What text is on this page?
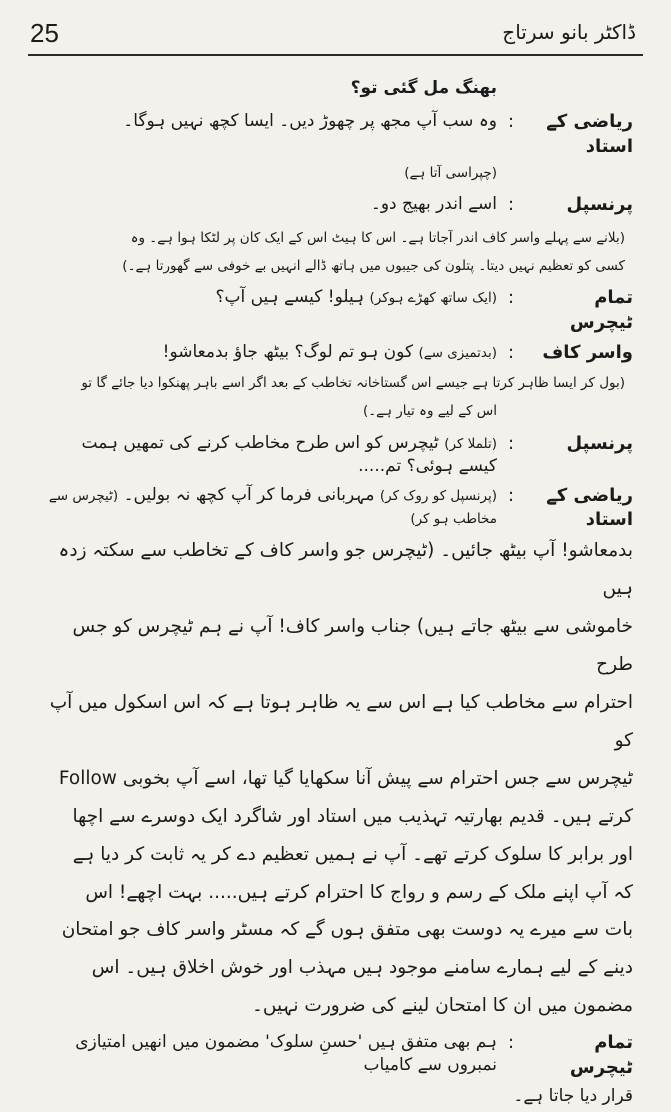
25	ڈاکٹر بانو سرتاج
بھنگ مل گئی تو؟
ریاضی کے استاد
:
وہ سب آپ مجھ پر چھوڑ دیں۔ ایسا کچھ نہیں ہوگا۔
(چپراسی آتا ہے)
پرنسپل
:
اسے اندر بھیج دو۔
(بلانے سے پہلے واسر کاف اندر آجاتا ہے۔ اس کا ہیٹ اس کے ایک کان پر لٹکا ہوا ہے۔ وہ
کسی کو تعظیم نہیں دیتا۔ پتلون کی جیبوں میں ہاتھ ڈالے انہیں بے خوفی سے گھورتا ہے۔)
تمام ٹیچرس
:
(ایک ساتھ کھڑے ہوکر) ہیلو! کیسے ہیں آپ؟
واسر کاف
:
(بدتمیزی سے) کون ہو تم لوگ؟ بیٹھ جاؤ بدمعاشو!
(بول کر ایسا ظاہر کرتا ہے جیسے اس گستاخانہ تخاطب کے بعد اگر اسے باہر پھنکوا دیا جائے گا تو
اس کے لیے وہ تیار ہے۔)
پرنسپل
:
(تلملا کر) ٹیچرس کو اس طرح مخاطب کرنے کی تمھیں ہمت کیسے ہوئی؟ تم.....
ریاضی کے استاد
:
(پرنسپل کو روک کر) مہربانی فرما کر آپ کچھ نہ بولیں۔ (ٹیچرس سے مخاطب ہو کر)
بدمعاشو! آپ بیٹھ جائیں۔ (ٹیچرس جو واسر کاف کے تخاطب سے سکتہ زدہ ہیں
خاموشی سے بیٹھ جاتے ہیں) جناب واسر کاف! آپ نے ہم ٹیچرس کو جس طرح
احترام سے مخاطب کیا ہے اس سے یہ ظاہر ہوتا ہے کہ اس اسکول میں آپ کو
ٹیچرس سے جس احترام سے پیش آنا سکھایا گیا تھا، اسے آپ بخوبی Follow
کرتے ہیں۔ قدیم بھارتیہ تہذیب میں استاد اور شاگرد ایک دوسرے سے اچھا
اور برابر کا سلوک کرتے تھے۔ آپ نے ہمیں تعظیم دے کر یہ ثابت کر دیا ہے
کہ آپ اپنے ملک کے رسم و رواج کا احترام کرتے ہیں..... بہت اچھے! اس
بات سے میرے یہ دوست بھی متفق ہوں گے کہ مسٹر واسر کاف جو امتحان
دینے کے لیے ہمارے سامنے موجود ہیں مہذب اور خوش اخلاق ہیں۔ اس
مضمون میں ان کا امتحان لینے کی ضرورت نہیں۔
تمام ٹیچرس
:
ہم بھی متفق ہیں 'حسنِ سلوک' مضمون میں انھیں امتیازی نمبروں سے کامیاب
قرار دیا جاتا ہے۔
